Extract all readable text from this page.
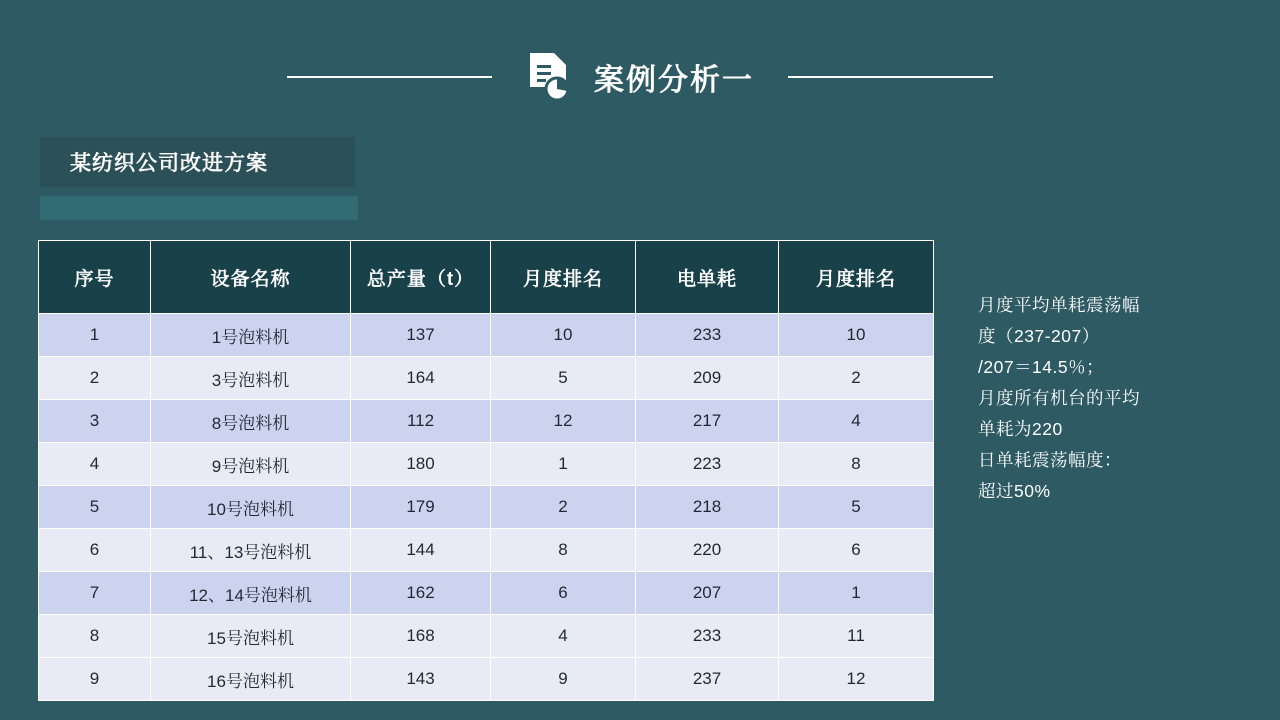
案例分析一
某纺织公司改进方案
序号	设备名称	总产量（t）	月度排名	电单耗	月度排名
1	1号泡料机	137	10	233	10
2	3号泡料机	164	5	209	2
3	8号泡料机	112	12	217	4
4	9号泡料机	180	1	223	8
5	10号泡料机	179	2	218	5
6	11、13号泡料机	144	8	220	6
7	12、14号泡料机	162	6	207	1
8	15号泡料机	168	4	233	11
9	16号泡料机	143	9	237	12

月度平均单耗震荡幅

度（237-207）

/207＝14.5％；

月度所有机台的平均

单耗为220

日单耗震荡幅度：

超过50%
